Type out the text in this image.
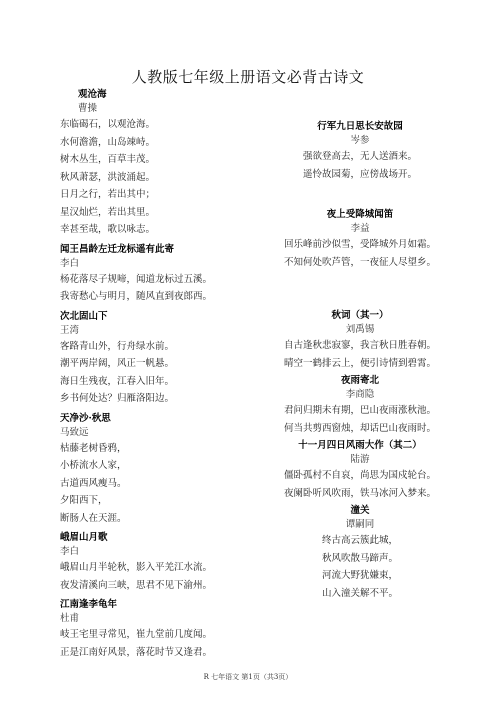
人教版七年级上册语文必背古诗文
观沧海
曹操
东临碣石，以观沧海。
水何澹澹，山岛竦峙。
树木丛生，百草丰茂。
秋风萧瑟，洪波涌起。
日月之行，若出其中；
星汉灿烂，若出其里。
幸甚至哉，歌以咏志。
闻王昌龄左迁龙标遥有此寄
李白
杨花落尽子规啼，闻道龙标过五溪。
我寄愁心与明月，随风直到夜郎西。
次北固山下
王湾
客路青山外，行舟绿水前。
潮平两岸阔，风正一帆悬。
海日生残夜，江春入旧年。
乡书何处达？归雁洛阳边。
天净沙·秋思
马致远
枯藤老树昏鸦，
小桥流水人家，
古道西风瘦马。
夕阳西下，
断肠人在天涯。
峨眉山月歌
李白
峨眉山月半轮秋，影入平羌江水流。
夜发清溪向三峡，思君不见下渝州。
江南逢李龟年
杜甫
岐王宅里寻常见，崔九堂前几度闻。
正是江南好风景，落花时节又逢君。
行军九日思长安故园
岑参
强欲登高去，无人送酒来。
遥怜故园菊，应傍战场开。
夜上受降城闻笛
李益
回乐峰前沙似雪，受降城外月如霜。
不知何处吹芦管，一夜征人尽望乡。
秋词（其一）
刘禹锡
自古逢秋悲寂寥，我言秋日胜春朝。
晴空一鹤排云上，便引诗情到碧霄。
夜雨寄北
李商隐
君问归期未有期，巴山夜雨涨秋池。
何当共剪西窗烛，却话巴山夜雨时。
十一月四日风雨大作（其二）
陆游
僵卧孤村不自哀，尚思为国戍轮台。
夜阑卧听风吹雨，铁马冰河入梦来。
潼关
谭嗣同
终古高云簇此城，
秋风吹散马蹄声。
河流大野犹嫌束，
山入潼关解不平。
R 七年语文 第1页（共3页）
